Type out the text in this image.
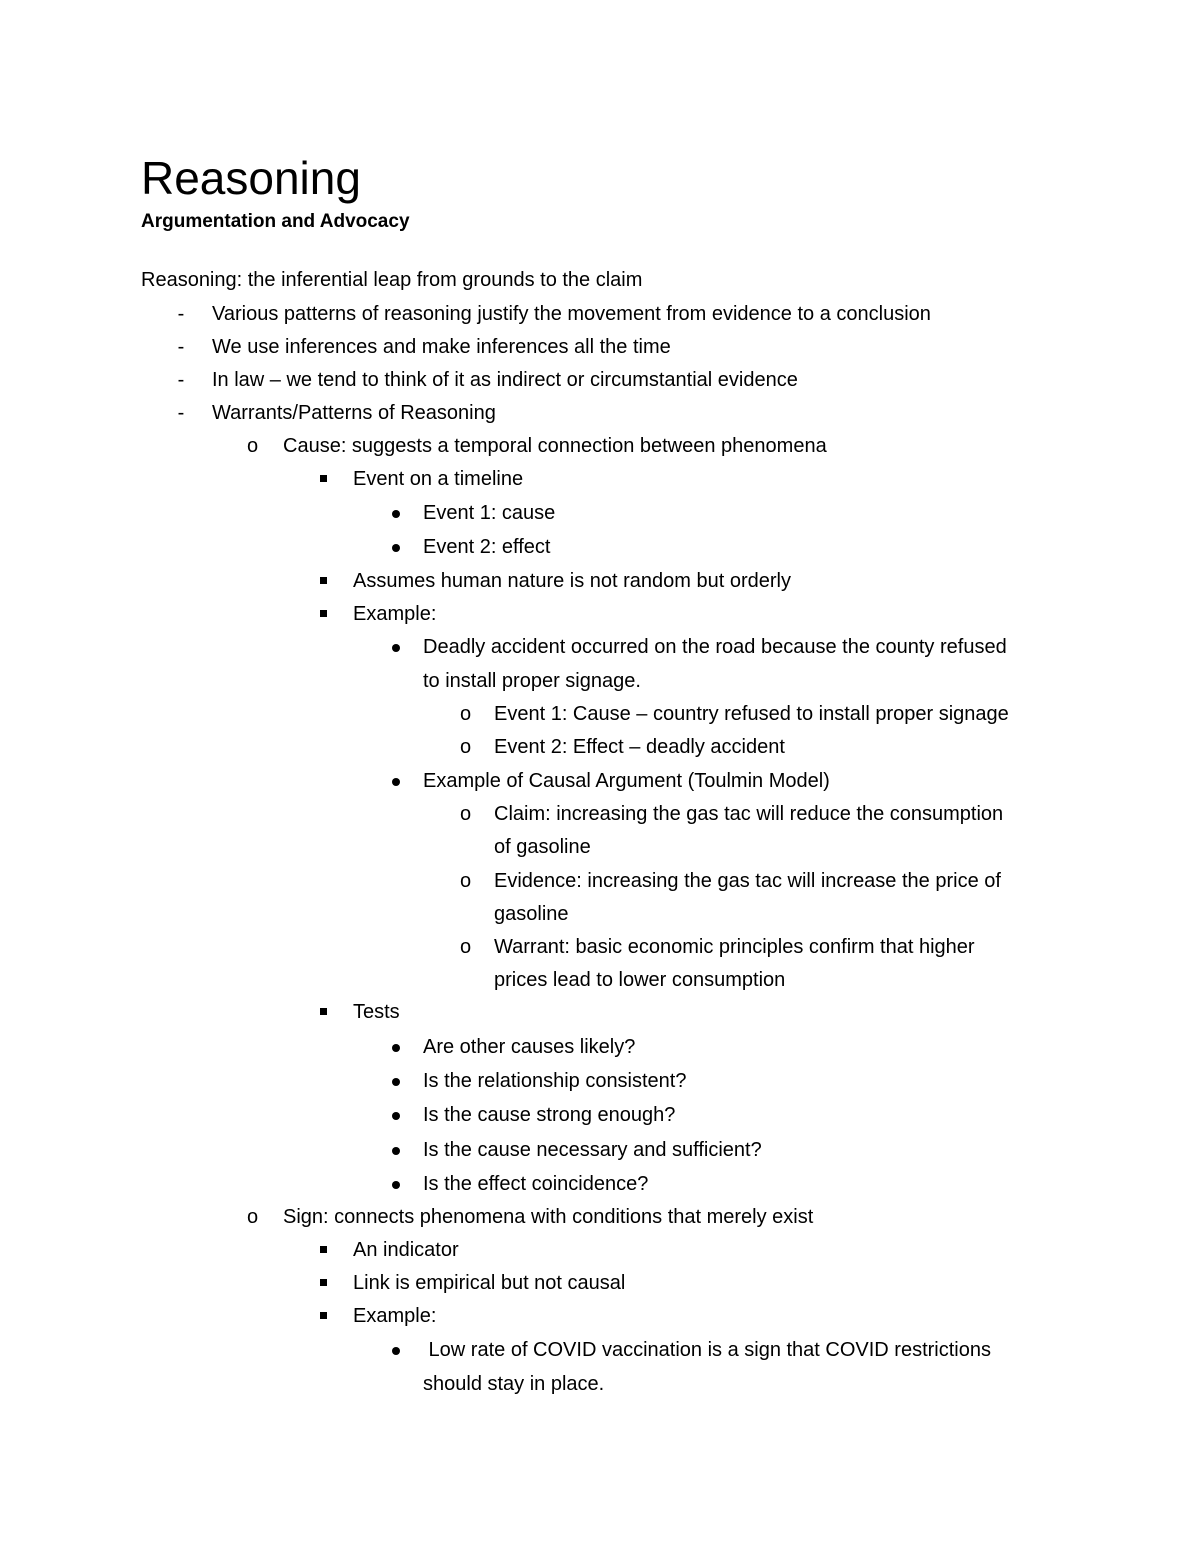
Reasoning
Argumentation and Advocacy
Reasoning: the inferential leap from grounds to the claim
- Various patterns of reasoning justify the movement from evidence to a conclusion
- We use inferences and make inferences all the time
- In law – we tend to think of it as indirect or circumstantial evidence
- Warrants/Patterns of Reasoning
o Cause: suggests a temporal connection between phenomena
Event on a timeline
Event 1: cause
Event 2: effect
Assumes human nature is not random but orderly
Example:
Deadly accident occurred on the road because the county refused
to install proper signage.
o Event 1: Cause – country refused to install proper signage
o Event 2: Effect – deadly accident
Example of Causal Argument (Toulmin Model)
o Claim: increasing the gas tac will reduce the consumption
of gasoline
o Evidence: increasing the gas tac will increase the price of
gasoline
o Warrant: basic economic principles confirm that higher
prices lead to lower consumption
Tests
Are other causes likely?
Is the relationship consistent?
Is the cause strong enough?
Is the cause necessary and sufficient?
Is the effect coincidence?
o Sign: connects phenomena with conditions that merely exist
An indicator
Link is empirical but not causal
Example:
Low rate of COVID vaccination is a sign that COVID restrictions
should stay in place.
